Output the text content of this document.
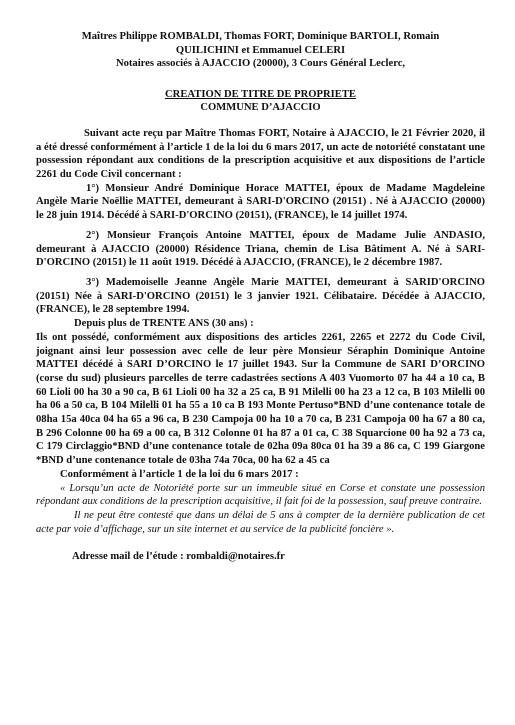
Maîtres Philippe ROMBALDI, Thomas FORT, Dominique BARTOLI, Romain
QUILICHINI et Emmanuel CELERI
Notaires associés à AJACCIO (20000), 3 Cours Général Leclerc,
CREATION DE TITRE DE PROPRIETE
COMMUNE D’AJACCIO

Suivant acte reçu par Maître Thomas FORT, Notaire à AJACCIO, le 21 Février 2020, il a été dressé conformément à l’article 1 de la loi du 6 mars 2017, un acte de notoriété constatant une possession répondant aux conditions de la prescription acquisitive et aux dispositions de l’article 2261 du Code Civil concernant :

1°) Monsieur André Dominique Horace MATTEI, époux de Madame Magdeleine Angèle Marie Noëllie MATTEI, demeurant à SARI-D'ORCINO (20151) . Né à AJACCIO (20000) le 28 juin 1914. Décédé à SARI-D'ORCINO (20151), (FRANCE), le 14 juillet 1974.

2°) Monsieur François Antoine MATTEI, époux de Madame Julie ANDASIO, demeurant à AJACCIO (20000) Résidence Triana, chemin de Lisa Bâtiment A. Né à SARI-D'ORCINO (20151) le 11 août 1919. Décédé à AJACCIO, (FRANCE), le 2 décembre 1987.

3°) Mademoiselle Jeanne Angèle Marie MATTEI, demeurant à SARID'ORCINO (20151) Née à SARI-D'ORCINO (20151) le 3 janvier 1921. Célibataire. Décédée à AJACCIO, (FRANCE), le 28 septembre 1994.

Depuis plus de TRENTE ANS (30 ans) :

Ils ont possédé, conformément aux dispositions des articles 2261, 2265 et 2272 du Code Civil, joignant ainsi leur possession avec celle de leur père Monsieur Séraphin Dominique Antoine MATTEI décédé à SARI D’ORCINO le 17 juillet 1943. Sur la Commune de SARI D’ORCINO (corse du sud) plusieurs parcelles de terre cadastrées sections A 403 Vuomorto 07 ha 44 a 10 ca, B 60 Lioli 00 ha 30 a 90 ca, B 61 Lioli 00 ha 32 a 25 ca, B 91 Milelli 00 ha 23 a 12 ca, B 103 Milelli 00 ha 06 a 50 ca, B 104 Milelli 01 ha 55 a 10 ca B 193 Monte Pertuso*BND d’une contenance totale de 08ha 15a 40ca 04 ha 65 a 96 ca, B 230 Campoja 00 ha 10 a 70 ca, B 231 Campoja 00 ha 67 a 80 ca, B 296 Colonne 00 ha 69 a 00 ca, B 312 Colonne 01 ha 87 a 01 ca, C 38 Squarcione 00 ha 92 a 73 ca, C 179 Circlaggio*BND d’une contenance totale de 02ha 09a 80ca 01 ha 39 a 86 ca, C 199 Giargone *BND d’une contenance totale de 03ha 74a 70ca, 00 ha 62 a 45 ca

Conformément à l’article 1 de la loi du 6 mars 2017 :

« Lorsqu’un acte de Notoriété porte sur un immeuble situé en Corse et constate une possession répondant aux conditions de la prescription acquisitive, il fait foi de la possession, sauf preuve contraire.

Il ne peut être contesté que dans un délai de 5 ans à compter de la dernière publication de cet acte par voie d’affichage, sur un site internet et au service de la publicité foncière ».

Adresse mail de l’étude : rombaldi@notaires.fr
